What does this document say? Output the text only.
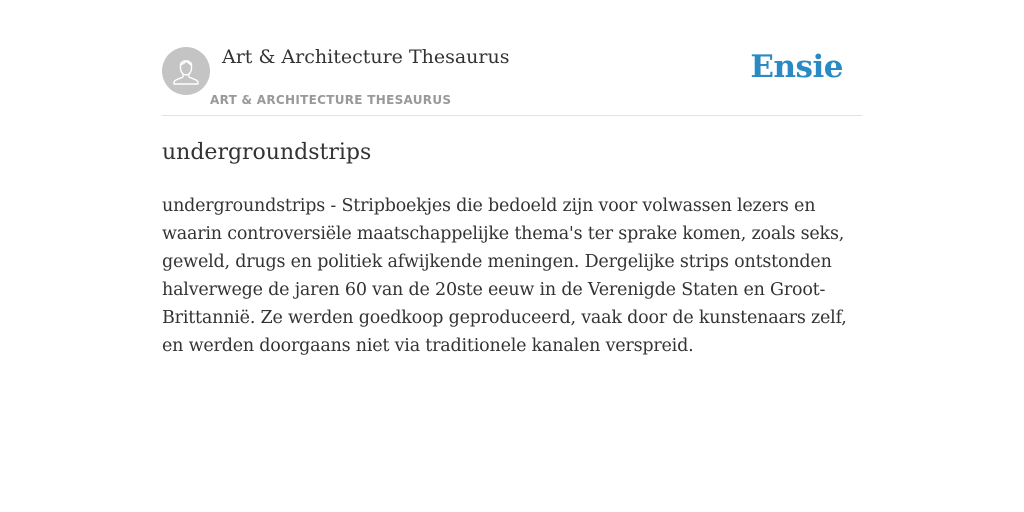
Art & Architecture Thesaurus
ART & ARCHITECTURE THESAURUS
Ensie
undergroundstrips

undergroundstrips - Stripboekjes die bedoeld zijn voor volwassen lezers en waarin controversiële maatschappelijke thema's ter sprake komen, zoals seks, geweld, drugs en politiek afwijkende meningen. Dergelijke strips ontstonden halverwege de jaren 60 van de 20ste eeuw in de Verenigde Staten en Groot-Brittannië. Ze werden goedkoop geproduceerd, vaak door de kunstenaars zelf, en werden doorgaans niet via traditionele kanalen verspreid.
